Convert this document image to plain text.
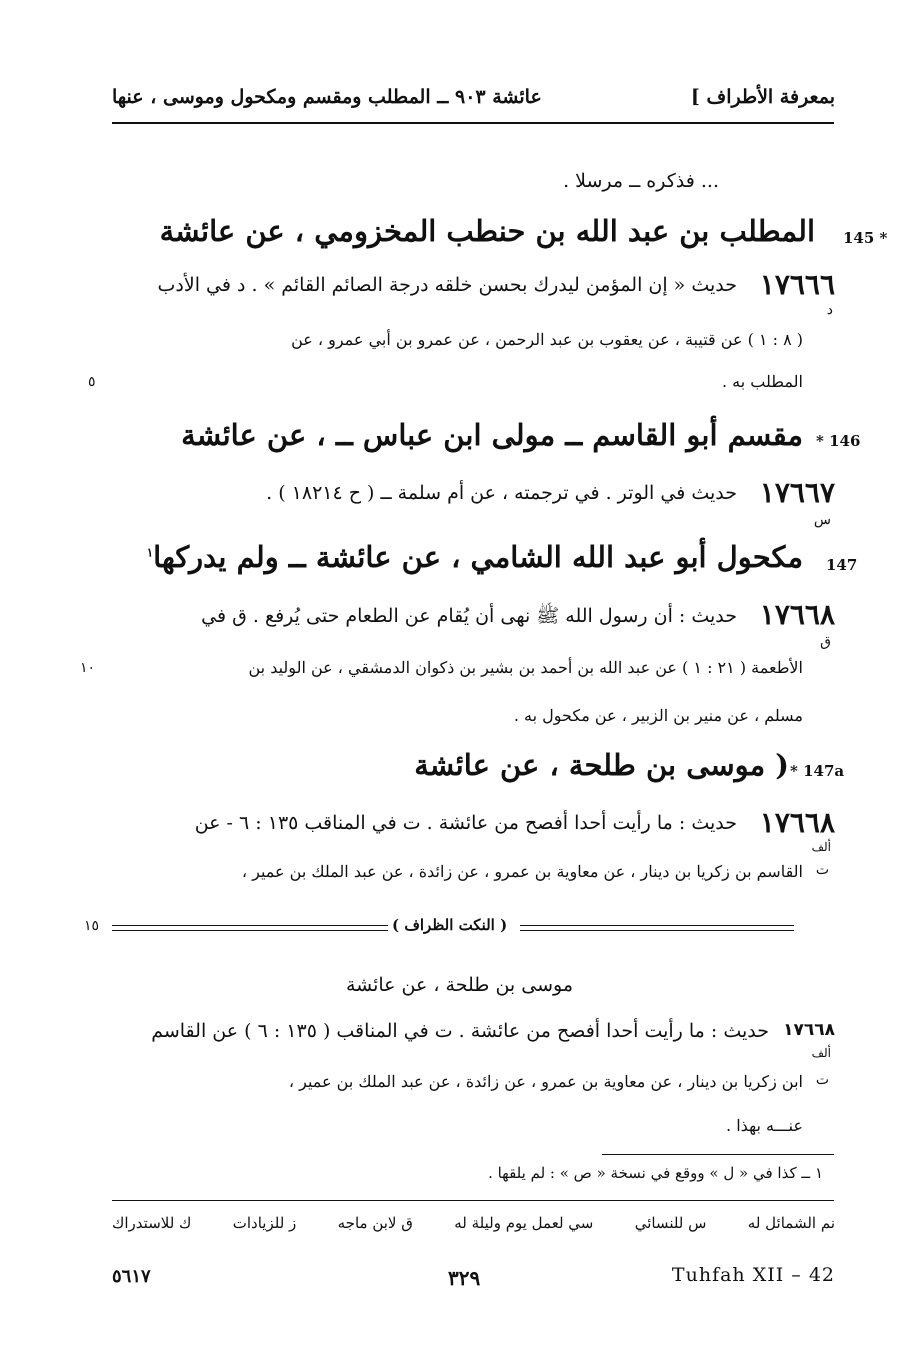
بمعرفة الأطراف ]
عائشة ٩٠٣ ــ المطلب ومقسم ومكحول وموسى ، عنها
... فذكره ــ مرسلا .
145 *
المطلب بن عبد الله بن حنطب المخزومي ، عن عائشة
١٧٦٦٦
د
حديث « إن المؤمن ليدرك بحسن خلقه درجة الصائم القائم » . د في الأدب
( ٨ : ١ ) عن قتيبة ، عن يعقوب بن عبد الرحمن ، عن عمرو بن أبي عمرو ، عن
المطلب به .
٥
* 146
مقسم أبو القاسم ــ مولى ابن عباس ــ ، عن عائشة
١٧٦٦٧
س
حديث في الوتر . في ترجمته ، عن أم سلمة ــ ( ح ١٨٢١٤ ) .
147
مكحول أبو عبد الله الشامي ، عن عائشة ــ ولم يدركها$^١$
١٧٦٦٨
ق
حديث : أن رسول الله ﷺ نهى أن يُقام عن الطعام حتى يُرفع . ق في
الأطعمة ( ٢١ : ١ ) عن عبد الله بن أحمد بن بشير بن ذكوان الدمشقي ، عن الوليد بن
١٠
مسلم ، عن منير بن الزبير ، عن مكحول به .
* 147a
( موسى بن طلحة ، عن عائشة
١٧٦٦٨
ألف
ت
حديث : ما رأيت أحدا أفصح من عائشة . ت في المناقب ١٣٥ : ٦ - عن
القاسم بن زكريا بن دينار ، عن معاوية بن عمرو ، عن زائدة ، عن عبد الملك بن عمير ،
( النكت الظراف )
١٥
موسى بن طلحة ، عن عائشة
١٧٦٦٨
ألف
ت
حديث : ما رأيت أحدا أفصح من عائشة . ت في المناقب ( ١٣٥ : ٦ ) عن القاسم
ابن زكريا بن دينار ، عن معاوية بن عمرو ، عن زائدة ، عن عبد الملك بن عمير ،
عنـــه بهذا .
١ ــ كذا في « ل » ووقع في نسخة « ص » : لم يلقها .
نم الشمائل له
س للنسائي
سي لعمل يوم وليلة له
ق لابن ماجه
ز للزيادات
ك للاستدراك
٥٦١٧	٣٢٩	Tuhfah XII – 42
